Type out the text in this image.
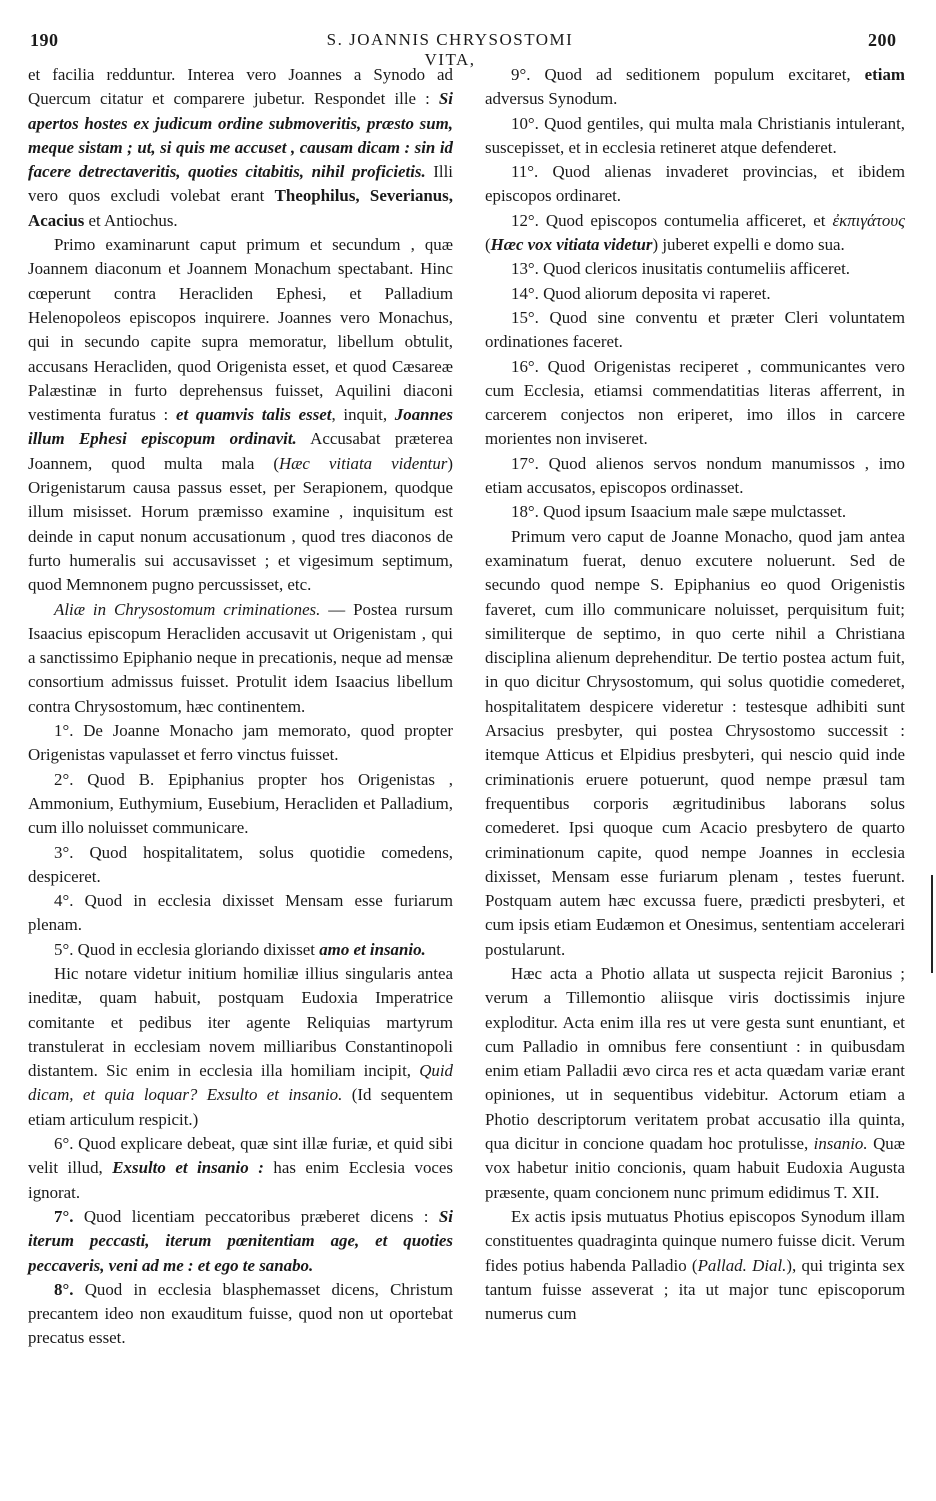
190	S. JOANNIS CHRYSOSTOMI VITA,
200

et facilia redduntur. Interea vero Joannes a Synodo ad Quercum citatur et comparere jubetur. Respondet ille : Si apertos hostes ex judicum ordine submoveritis, præsto sum, meque sistam ; ut, si quis me accuset , causam dicam : sin id facere detrectaveritis, quoties citabitis, nihil proficietis. Illi vero quos excludi volebat erant Theophilus, Severianus, Acacius et Antiochus.

Primo examinarunt caput primum et secundum , quæ Joannem diaconum et Joannem Monachum spectabant. Hinc cœperunt contra Heracliden Ephesi, et Palladium Helenopoleos episcopos inquirere. Joannes vero Monachus, qui in secundo capite supra memoratur, libellum obtulit, accusans Heracliden, quod Origenista esset, et quod Cæsareæ Palæstinæ in furto deprehensus fuisset, Aquilini diaconi vestimenta furatus : et quamvis talis esset, inquit, Joannes illum Ephesi episcopum ordinavit. Accusabat præterea Joannem, quod multa mala (Hæc vitiata videntur) Origenistarum causa passus esset, per Serapionem, quodque illum misisset. Horum præmisso examine , inquisitum est deinde in caput nonum accusationum , quod tres diaconos de furto humeralis sui accusavisset ; et vigesimum septimum, quod Memnonem pugno percussisset, etc.

Aliæ in Chrysostomum criminationes. — Postea rursum Isaacius episcopum Heracliden accusavit ut Origenistam , qui a sanctissimo Epiphanio neque in precationis, neque ad mensæ consortium admissus fuisset. Protulit idem Isaacius libellum contra Chrysostomum, hæc continentem.

1°. De Joanne Monacho jam memorato, quod propter Origenistas vapulasset et ferro vinctus fuisset.

2°. Quod B. Epiphanius propter hos Origenistas , Ammonium, Euthymium, Eusebium, Heracliden et Palladium, cum illo noluisset communicare.

3°. Quod hospitalitatem, solus quotidie comedens, despiceret.

4°. Quod in ecclesia dixisset Mensam esse furiarum plenam.

5°. Quod in ecclesia gloriando dixisset amo et insanio.

Hic notare videtur initium homiliæ illius singularis antea ineditæ, quam habuit, postquam Eudoxia Imperatrice comitante et pedibus iter agente Reliquias martyrum transtulerat in ecclesiam novem milliaribus Constantinopoli distantem. Sic enim in ecclesia illa homiliam incipit, Quid dicam, et quia loquar? Exsulto et insanio. (Id sequentem etiam articulum respicit.)

6°. Quod explicare debeat, quæ sint illæ furiæ, et quid sibi velit illud, Exsulto et insanio : has enim Ecclesia voces ignorat.

7°. Quod licentiam peccatoribus præberet dicens : Si iterum peccasti, iterum pœnitentiam age, et quoties peccaveris, veni ad me : et ego te sanabo.

8°. Quod in ecclesia blasphemasset dicens, Christum precantem ideo non exauditum fuisse, quod non ut oportebat precatus esset.

9°. Quod ad seditionem populum excitaret, etiam adversus Synodum.

10°. Quod gentiles, qui multa mala Christianis intulerant, suscepisset, et in ecclesia retineret atque defenderet.

11°. Quod alienas invaderet provincias, et ibidem episcopos ordinaret.

12°. Quod episcopos contumelia afficeret, et ἐκπιγάτους (Hæc vox vitiata videtur) juberet expelli e domo sua.

13°. Quod clericos inusitatis contumeliis afficeret.

14°. Quod aliorum deposita vi raperet.

15°. Quod sine conventu et præter Cleri voluntatem ordinationes faceret.

16°. Quod Origenistas reciperet , communicantes vero cum Ecclesia, etiamsi commendatitias literas afferrent, in carcerem conjectos non eriperet, imo illos in carcere morientes non inviseret.

17°. Quod alienos servos nondum manumissos , imo etiam accusatos, episcopos ordinasset.

18°. Quod ipsum Isaacium male sæpe mulctasset.

Primum vero caput de Joanne Monacho, quod jam antea examinatum fuerat, denuo excutere noluerunt. Sed de secundo quod nempe S. Epiphanius eo quod Origenistis faveret, cum illo communicare noluisset, perquisitum fuit; similiterque de septimo, in quo certe nihil a Christiana disciplina alienum deprehenditur. De tertio postea actum fuit, in quo dicitur Chrysostomum, qui solus quotidie comederet, hospitalitatem despicere videretur : testesque adhibiti sunt Arsacius presbyter, qui postea Chrysostomo successit : itemque Atticus et Elpidius presbyteri, qui nescio quid inde criminationis eruere potuerunt, quod nempe præsul tam frequentibus corporis ægritudinibus laborans solus comederet. Ipsi quoque cum Acacio presbytero de quarto criminationum capite, quod nempe Joannes in ecclesia dixisset, Mensam esse furiarum plenam , testes fuerunt. Postquam autem hæc excussa fuere, prædicti presbyteri, et cum ipsis etiam Eudæmon et Onesimus, sententiam accelerari postularunt.

Hæc acta a Photio allata ut suspecta rejicit Baronius ; verum a Tillemontio aliisque viris doctissimis injure exploditur. Acta enim illa res ut vere gesta sunt enuntiant, et cum Palladio in omnibus fere consentiunt : in quibusdam enim etiam Palladii ævo circa res et acta quædam variæ erant opiniones, ut in sequentibus videbitur. Actorum etiam a Photio descriptorum veritatem probat accusatio illa quinta, qua dicitur in concione quadam hoc protulisse, insanio. Quæ vox habetur initio concionis, quam habuit Eudoxia Augusta præsente, quam concionem nunc primum edidimus T. XII.

Ex actis ipsis mutuatus Photius episcopos Synodum illam constituentes quadraginta quinque numero fuisse dicit. Verum fides potius habenda Palladio (Pallad. Dial.), qui triginta sex tantum fuisse asseverat ; ita ut major tunc episcoporum numerus cum
